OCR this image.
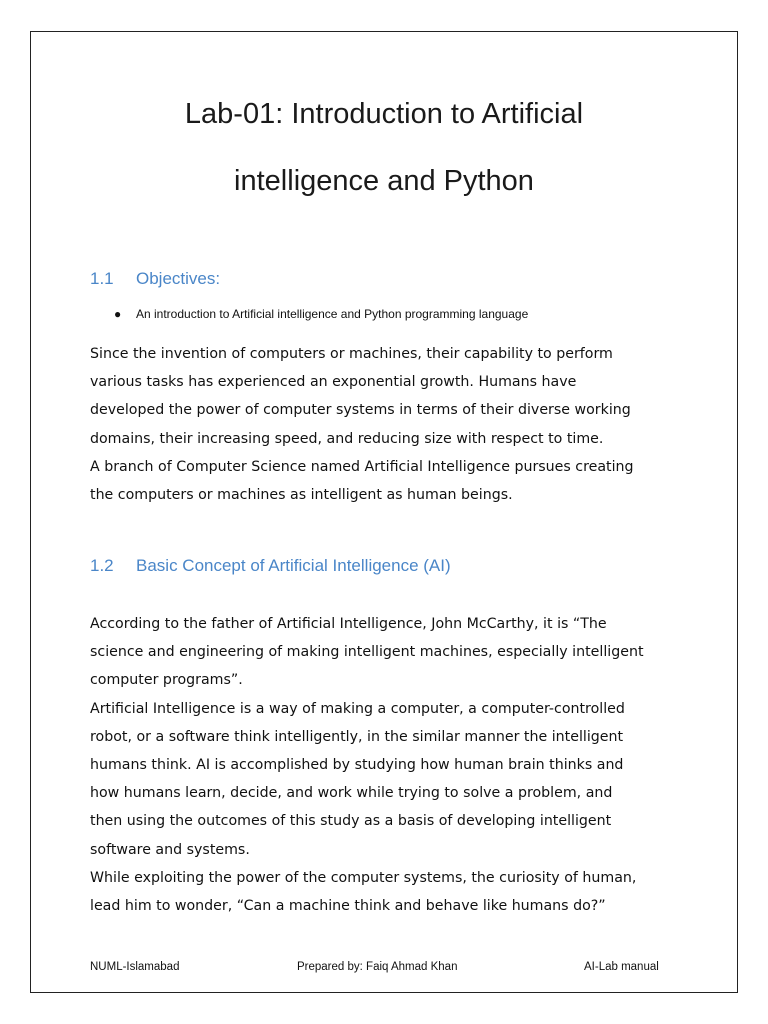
Lab-01: Introduction to Artificial
intelligence and Python
1.1 Objectives:
● An introduction to Artificial intelligence and Python programming language

Since the invention of computers or machines, their capability to perform
various tasks has experienced an exponential growth. Humans have
developed the power of computer systems in terms of their diverse working
domains, their increasing speed, and reducing size with respect to time.
A branch of Computer Science named Artificial Intelligence pursues creating
the computers or machines as intelligent as human beings.

1.2 Basic Concept of Artificial Intelligence (AI)

According to the father of Artificial Intelligence, John McCarthy, it is “The
science and engineering of making intelligent machines, especially intelligent
computer programs”.
Artificial Intelligence is a way of making a computer, a computer-controlled
robot, or a software think intelligently, in the similar manner the intelligent
humans think. AI is accomplished by studying how human brain thinks and
how humans learn, decide, and work while trying to solve a problem, and
then using the outcomes of this study as a basis of developing intelligent
software and systems.
While exploiting the power of the computer systems, the curiosity of human,
lead him to wonder, “Can a machine think and behave like humans do?”

NUML-Islamabad	Prepared by: Faiq Ahmad Khan	AI-Lab manual
